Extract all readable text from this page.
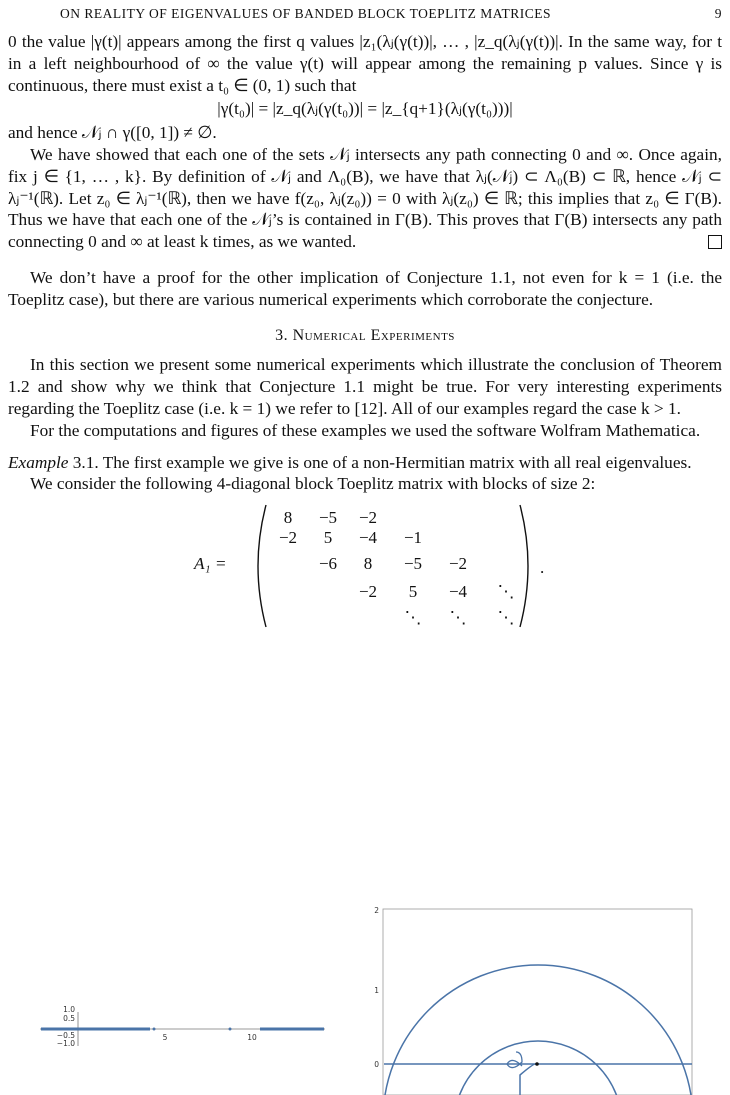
ON REALITY OF EIGENVALUES OF BANDED BLOCK TOEPLITZ MATRICES	9

0 the value |γ(t)| appears among the first q values |z₁(λⱼ(γ(t))|, … , |z_q(λⱼ(γ(t))|. In the same way, for t in a left neighbourhood of ∞ the value γ(t) will appear among the remaining p values. Since γ is continuous, there must exist a t₀ ∈ (0, 1) such that

|γ(t₀)| = |z_q(λⱼ(γ(t₀))| = |z_{q+1}(λⱼ(γ(t₀)))|

and hence 𝒩ⱼ ∩ γ([0, 1]) ≠ ∅.

We have showed that each one of the sets 𝒩ⱼ intersects any path connecting 0 and ∞. Once again, fix j ∈ {1, … , k}. By definition of 𝒩ⱼ and Λ₀(B), we have that λⱼ(𝒩ⱼ) ⊂ Λ₀(B) ⊂ ℝ, hence 𝒩ⱼ ⊂ λⱼ⁻¹(ℝ). Let z₀ ∈ λⱼ⁻¹(ℝ), then we have f(z₀, λⱼ(z₀)) = 0 with λⱼ(z₀) ∈ ℝ; this implies that z₀ ∈ Γ(B). Thus we have that each one of the 𝒩ⱼ’s is contained in Γ(B). This proves that Γ(B) intersects any path connecting 0 and ∞ at least k times, as we wanted.

We don’t have a proof for the other implication of Conjecture 1.1, not even for k = 1 (i.e. the Toeplitz case), but there are various numerical experiments which corroborate the conjecture.

3. Numerical Experiments

In this section we present some numerical experiments which illustrate the conclusion of Theorem 1.2 and show why we think that Conjecture 1.1 might be true. For very interesting experiments regarding the Toeplitz case (i.e. k = 1) we refer to [12]. All of our examples regard the case k > 1.

For the computations and figures of these examples we used the software Wolfram Mathematica.

Example 3.1. The first example we give is one of a non-Hermitian matrix with all real eigenvalues.

We consider the following 4-diagonal block Toeplitz matrix with blocks of size 2:

A₁ =
8 −5 −2
−2 5 −4 −1
−6 8 −5 −2
−2 5 −4 ⋱
⋱ ⋱ ⋱
.
1.0
0.5
−0.5
−1.0
5	10
2
1
0
